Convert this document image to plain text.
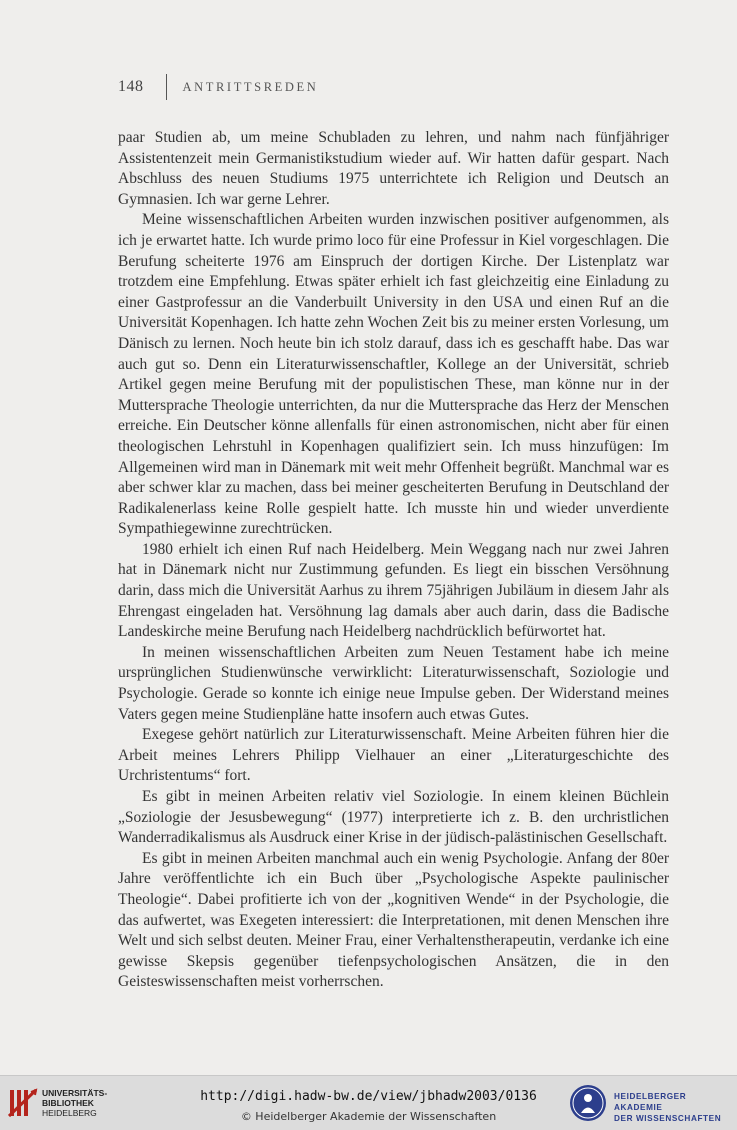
148	ANTRITTSREDEN

paar Studien ab, um meine Schubladen zu lehren, und nahm nach fünfjähriger Assistentenzeit mein Germanistikstudium wieder auf. Wir hatten dafür gespart. Nach Abschluss des neuen Studiums 1975 unterrichtete ich Religion und Deutsch an Gymnasien. Ich war gerne Lehrer.

Meine wissenschaftlichen Arbeiten wurden inzwischen positiver aufgenommen, als ich je erwartet hatte. Ich wurde primo loco für eine Professur in Kiel vorgeschlagen. Die Berufung scheiterte 1976 am Einspruch der dortigen Kirche. Der Listenplatz war trotzdem eine Empfehlung. Etwas später erhielt ich fast gleichzeitig eine Einladung zu einer Gastprofessur an die Vanderbuilt University in den USA und einen Ruf an die Universität Kopenhagen. Ich hatte zehn Wochen Zeit bis zu meiner ersten Vorlesung, um Dänisch zu lernen. Noch heute bin ich stolz darauf, dass ich es geschafft habe. Das war auch gut so. Denn ein Literaturwissenschaftler, Kollege an der Universität, schrieb Artikel gegen meine Berufung mit der populistischen These, man könne nur in der Muttersprache Theologie unterrichten, da nur die Muttersprache das Herz der Menschen erreiche. Ein Deutscher könne allenfalls für einen astronomischen, nicht aber für einen theologischen Lehrstuhl in Kopenhagen qualifiziert sein. Ich muss hinzufügen: Im Allgemeinen wird man in Dänemark mit weit mehr Offenheit begrüßt. Manchmal war es aber schwer klar zu machen, dass bei meiner gescheiterten Berufung in Deutschland der Radikalenerlass keine Rolle gespielt hatte. Ich musste hin und wieder unverdiente Sympathiegewinne zurechtrücken.

1980 erhielt ich einen Ruf nach Heidelberg. Mein Weggang nach nur zwei Jahren hat in Dänemark nicht nur Zustimmung gefunden. Es liegt ein bisschen Versöhnung darin, dass mich die Universität Aarhus zu ihrem 75jährigen Jubiläum in diesem Jahr als Ehrengast eingeladen hat. Versöhnung lag damals aber auch darin, dass die Badische Landeskirche meine Berufung nach Heidelberg nachdrücklich befürwortet hat.

In meinen wissenschaftlichen Arbeiten zum Neuen Testament habe ich meine ursprünglichen Studienwünsche verwirklicht: Literaturwissenschaft, Soziologie und Psychologie. Gerade so konnte ich einige neue Impulse geben. Der Widerstand meines Vaters gegen meine Studienpläne hatte insofern auch etwas Gutes.

Exegese gehört natürlich zur Literaturwissenschaft. Meine Arbeiten führen hier die Arbeit meines Lehrers Philipp Vielhauer an einer „Literaturgeschichte des Urchristentums“ fort.

Es gibt in meinen Arbeiten relativ viel Soziologie. In einem kleinen Büchlein „Soziologie der Jesusbewegung“ (1977) interpretierte ich z. B. den urchristlichen Wanderradikalismus als Ausdruck einer Krise in der jüdisch-palästinischen Gesellschaft.

Es gibt in meinen Arbeiten manchmal auch ein wenig Psychologie. Anfang der 80er Jahre veröffentlichte ich ein Buch über „Psychologische Aspekte paulinischer Theologie“. Dabei profitierte ich von der „kognitiven Wende“ in der Psychologie, die das aufwertet, was Exegeten interessiert: die Interpretationen, mit denen Menschen ihre Welt und sich selbst deuten. Meiner Frau, einer Verhaltenstherapeutin, verdanke ich eine gewisse Skepsis gegenüber tiefenpsychologischen Ansätzen, die in den Geisteswissenschaften meist vorherrschen.

UNIVERSITÄTS-
BIBLIOTHEK
HEIDELBERG
http://digi.hadw-bw.de/view/jbhadw2003/0136
© Heidelberger Akademie der Wissenschaften
HEIDELBERGER AKADEMIE
DER WISSENSCHAFTEN
